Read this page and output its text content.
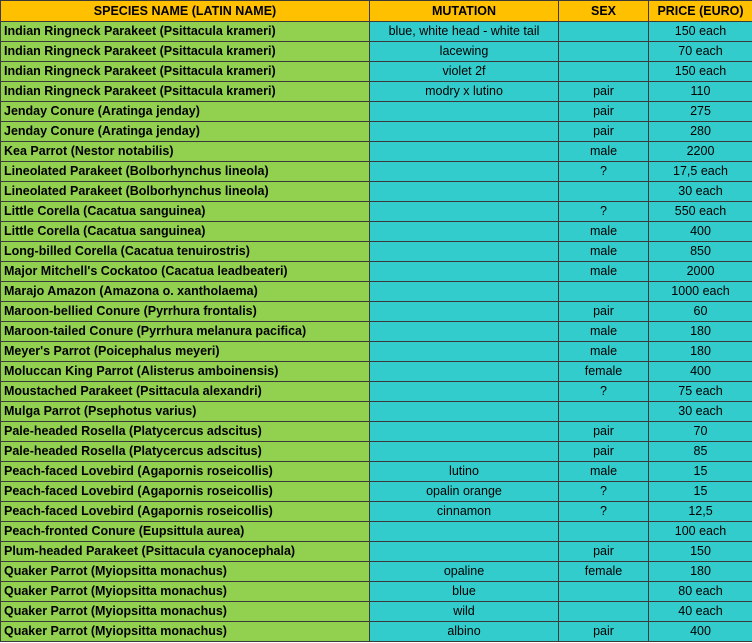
SPECIES NAME (LATIN NAME)	MUTATION	SEX	PRICE (EURO)
Indian Ringneck Parakeet (Psittacula krameri)	blue, white head - white tail		150 each
Indian Ringneck Parakeet (Psittacula krameri)	lacewing		70 each
Indian Ringneck Parakeet (Psittacula krameri)	violet 2f		150 each
Indian Ringneck Parakeet (Psittacula krameri)	modry x lutino	pair	110
Jenday Conure (Aratinga jenday)		pair	275
Jenday Conure (Aratinga jenday)		pair	280
Kea Parrot (Nestor notabilis)		male	2200
Lineolated Parakeet (Bolborhynchus lineola)		?	17,5 each
Lineolated Parakeet (Bolborhynchus lineola)			30 each
Little Corella (Cacatua sanguinea)		?	550 each
Little Corella (Cacatua sanguinea)		male	400
Long-billed Corella (Cacatua tenuirostris)		male	850
Major Mitchell's Cockatoo (Cacatua leadbeateri)		male	2000
Marajo Amazon (Amazona o. xantholaema)			1000 each
Maroon-bellied Conure (Pyrrhura frontalis)		pair	60
Maroon-tailed Conure (Pyrrhura melanura pacifica)		male	180
Meyer's Parrot (Poicephalus meyeri)		male	180
Moluccan King Parrot (Alisterus amboinensis)		female	400
Moustached Parakeet (Psittacula alexandri)		?	75 each
Mulga Parrot (Psephotus varius)			30 each
Pale-headed Rosella (Platycercus adscitus)		pair	70
Pale-headed Rosella (Platycercus adscitus)		pair	85
Peach-faced Lovebird (Agapornis roseicollis)	lutino	male	15
Peach-faced Lovebird (Agapornis roseicollis)	opalin orange	?	15
Peach-faced Lovebird (Agapornis roseicollis)	cinnamon	?	12,5
Peach-fronted Conure (Eupsittula aurea)			100 each
Plum-headed Parakeet (Psittacula cyanocephala)		pair	150
Quaker Parrot (Myiopsitta monachus)	opaline	female	180
Quaker Parrot (Myiopsitta monachus)	blue		80 each
Quaker Parrot (Myiopsitta monachus)	wild		40 each
Quaker Parrot (Myiopsitta monachus)	albino	pair	400
